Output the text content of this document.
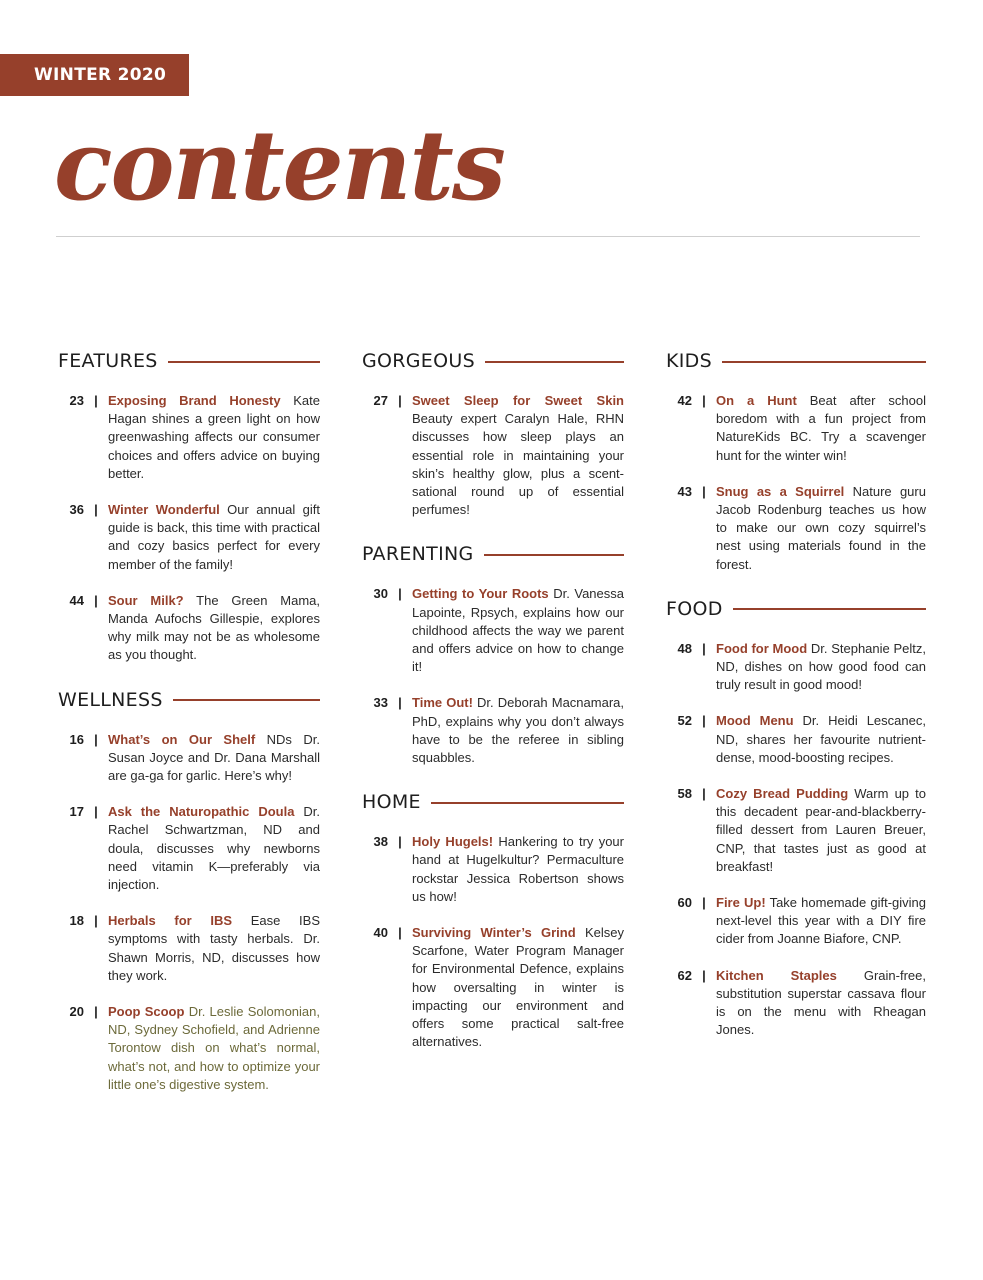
WINTER 2020
contents
FEATURES
23 | Exposing Brand Honesty Kate Hagan shines a green light on how greenwashing affects our consumer choices and offers advice on buying better.
36 | Winter Wonderful Our annual gift guide is back, this time with practical and cozy basics perfect for every member of the family!
44 | Sour Milk? The Green Mama, Manda Aufochs Gillespie, explores why milk may not be as wholesome as you thought.
WELLNESS
16 | What’s on Our Shelf NDs Dr. Susan Joyce and Dr. Dana Marshall are ga-ga for garlic. Here’s why!
17 | Ask the Naturopathic Doula Dr. Rachel Schwartzman, ND and doula, discusses why newborns need vitamin K—preferably via injection.
18 | Herbals for IBS Ease IBS symptoms with tasty herbals. Dr. Shawn Morris, ND, discusses how they work.
20 | Poop Scoop Dr. Leslie Solomonian, ND, Sydney Schofield, and Adrienne Torontow dish on what’s normal, what’s not, and how to optimize your little one’s digestive system.
GORGEOUS
27 | Sweet Sleep for Sweet Skin Beauty expert Caralyn Hale, RHN discusses how sleep plays an essential role in maintaining your skin’s healthy glow, plus a scent-sational round up of essential perfumes!
PARENTING
30 | Getting to Your Roots Dr. Vanessa Lapointe, Rpsych, explains how our childhood affects the way we parent and offers advice on how to change it!
33 | Time Out! Dr. Deborah Macnamara, PhD, explains why you don’t always have to be the referee in sibling squabbles.
HOME
38 | Holy Hugels! Hankering to try your hand at Hugelkultur? Permaculture rockstar Jessica Robertson shows us how!
40 | Surviving Winter’s Grind Kelsey Scarfone, Water Program Manager for Environmental Defence, explains how oversalting in winter is impacting our environment and offers some practical salt-free alternatives.
KIDS
42 | On a Hunt Beat after school boredom with a fun project from NatureKids BC. Try a scavenger hunt for the winter win!
43 | Snug as a Squirrel Nature guru Jacob Rodenburg teaches us how to make our own cozy squirrel’s nest using materials found in the forest.
FOOD
48 | Food for Mood Dr. Stephanie Peltz, ND, dishes on how good food can truly result in good mood!
52 | Mood Menu Dr. Heidi Lescanec, ND, shares her favourite nutrient-dense, mood-boosting recipes.
58 | Cozy Bread Pudding Warm up to this decadent pear-and-blackberry-filled dessert from Lauren Breuer, CNP, that tastes just as good at breakfast!
60 | Fire Up! Take homemade gift-giving next-level this year with a DIY fire cider from Joanne Biafore, CNP.
62 | Kitchen Staples Grain-free, substitution superstar cassava flour is on the menu with Rheagan Jones.
